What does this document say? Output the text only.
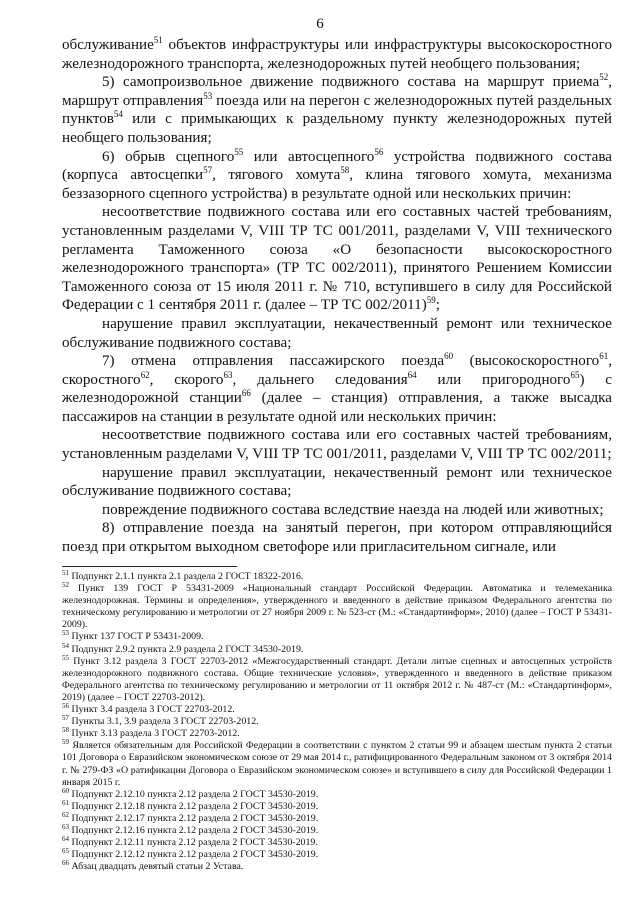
6

обслуживание$^{51}$ объектов инфраструктуры или инфраструктуры высокоскоростного железнодорожного транспорта, железнодорожных путей необщего пользования;

5) самопроизвольное движение подвижного состава на маршрут приема$^{52}$, маршрут отправления$^{53}$ поезда или на перегон с железнодорожных путей раздельных пунктов$^{54}$ или с примыкающих к раздельному пункту железнодорожных путей необщего пользования;

6) обрыв сцепного$^{55}$ или автосцепного$^{56}$ устройства подвижного состава (корпуса автосцепки$^{57}$, тягового хомута$^{58}$, клина тягового хомута, механизма беззазорного сцепного устройства) в результате одной или нескольких причин:

несоответствие подвижного состава или его составных частей требованиям, установленным разделами V, VIII ТР ТС 001/2011, разделами V, VIII технического регламента Таможенного союза «О безопасности высокоскоростного железнодорожного транспорта» (ТР ТС 002/2011), принятого Решением Комиссии Таможенного союза от 15 июля 2011 г. № 710, вступившего в силу для Российской Федерации с 1 сентября 2011 г. (далее – ТР ТС 002/2011)$^{59}$;

нарушение правил эксплуатации, некачественный ремонт или техническое обслуживание подвижного состава;

7) отмена отправления пассажирского поезда$^{60}$ (высокоскоростного$^{61}$, скоростного$^{62}$, скорого$^{63}$, дальнего следования$^{64}$ или пригородного$^{65}$) с железнодорожной станции$^{66}$ (далее – станция) отправления, а также высадка пассажиров на станции в результате одной или нескольких причин:

несоответствие подвижного состава или его составных частей требованиям, установленным разделами V, VIII ТР ТС 001/2011, разделами V, VIII ТР ТС 002/2011;

нарушение правил эксплуатации, некачественный ремонт или техническое обслуживание подвижного состава;

повреждение подвижного состава вследствие наезда на людей или животных;

8) отправление поезда на занятый перегон, при котором отправляющийся поезд при открытом выходном светофоре или пригласительном сигнале, или

$^{51}$ Подпункт 2.1.1 пункта 2.1 раздела 2 ГОСТ 18322-2016.

$^{52}$ Пункт 139 ГОСТ Р 53431-2009 «Национальный стандарт Российской Федерации. Автоматика и телемеханика железнодорожная. Термины и определения», утвержденного и введенного в действие приказом Федерального агентства по техническому регулированию и метрологии от 27 ноября 2009 г. № 523-ст (М.: «Стандартинформ», 2010) (далее – ГОСТ Р 53431-2009).

$^{53}$ Пункт 137 ГОСТ Р 53431-2009.

$^{54}$ Подпункт 2.9.2 пункта 2.9 раздела 2 ГОСТ 34530-2019.

$^{55}$ Пункт 3.12 раздела 3 ГОСТ 22703-2012 «Межгосударственный стандарт. Детали литые сцепных и автосцепных устройств железнодорожного подвижного состава. Общие технические условия», утвержденного и введенного в действие приказом Федерального агентства по техническому регулированию и метрологии от 11 октября 2012 г. № 487-ст (М.: «Стандартинформ», 2019) (далее – ГОСТ 22703-2012).

$^{56}$ Пункт 3.4 раздела 3 ГОСТ 22703-2012.

$^{57}$ Пункты 3.1, 3.9 раздела 3 ГОСТ 22703-2012.

$^{58}$ Пункт 3.13 раздела 3 ГОСТ 22703-2012.

$^{59}$ Является обязательным для Российской Федерации в соответствии с пунктом 2 статьи 99 и абзацем шестым пункта 2 статьи 101 Договора о Евразийском экономическом союзе от 29 мая 2014 г., ратифицированного Федеральным законом от 3 октября 2014 г. № 279-ФЗ «О ратификации Договора о Евразийском экономическом союзе» и вступившего в силу для Российской Федерации 1 января 2015 г.

$^{60}$ Подпункт 2.12.10 пункта 2.12 раздела 2 ГОСТ 34530-2019.

$^{61}$ Подпункт 2.12.18 пункта 2.12 раздела 2 ГОСТ 34530-2019.

$^{62}$ Подпункт 2.12.17 пункта 2.12 раздела 2 ГОСТ 34530-2019.

$^{63}$ Подпункт 2.12.16 пункта 2.12 раздела 2 ГОСТ 34530-2019.

$^{64}$ Подпункт 2.12.11 пункта 2.12 раздела 2 ГОСТ 34530-2019.

$^{65}$ Подпункт 2.12.12 пункта 2.12 раздела 2 ГОСТ 34530-2019.

$^{66}$ Абзац двадцать девятый статьи 2 Устава.
